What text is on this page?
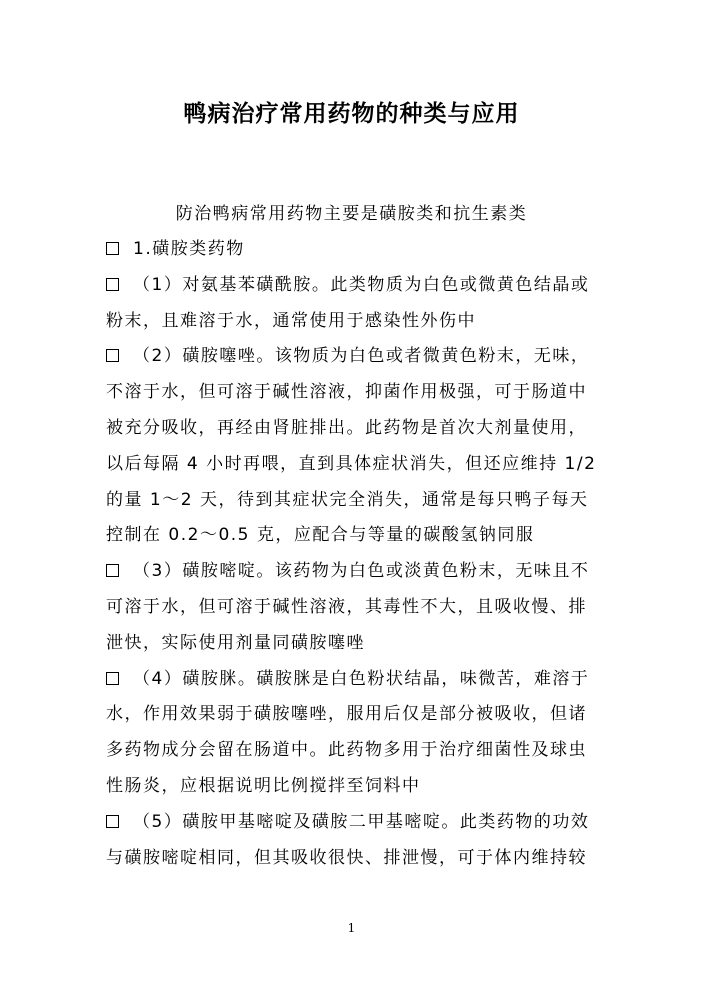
鸭病治疗常用药物的种类与应用
防治鸭病常用药物主要是磺胺类和抗生素类
1.磺胺类药物
（1）对氨基苯磺酰胺。此类物质为白色或微黄色结晶或
粉末，且难溶于水，通常使用于感染性外伤中
（2）磺胺噻唑。该物质为白色或者微黄色粉末，无味，
不溶于水，但可溶于碱性溶液，抑菌作用极强，可于肠道中
被充分吸收，再经由肾脏排出。此药物是首次大剂量使用，
以后每隔 4 小时再喂，直到具体症状消失，但还应维持 1/2
的量 1～2 天，待到其症状完全消失，通常是每只鸭子每天
控制在 0.2～0.5 克，应配合与等量的碳酸氢钠同服
（3）磺胺嘧啶。该药物为白色或淡黄色粉末，无味且不
可溶于水，但可溶于碱性溶液，其毒性不大，且吸收慢、排
泄快，实际使用剂量同磺胺噻唑
（4）磺胺脒。磺胺脒是白色粉状结晶，味微苦，难溶于
水，作用效果弱于磺胺噻唑，服用后仅是部分被吸收，但诸
多药物成分会留在肠道中。此药物多用于治疗细菌性及球虫
性肠炎，应根据说明比例搅拌至饲料中
（5）磺胺甲基嘧啶及磺胺二甲基嘧啶。此类药物的功效
与磺胺嘧啶相同，但其吸收很快、排泄慢，可于体内维持较
1
